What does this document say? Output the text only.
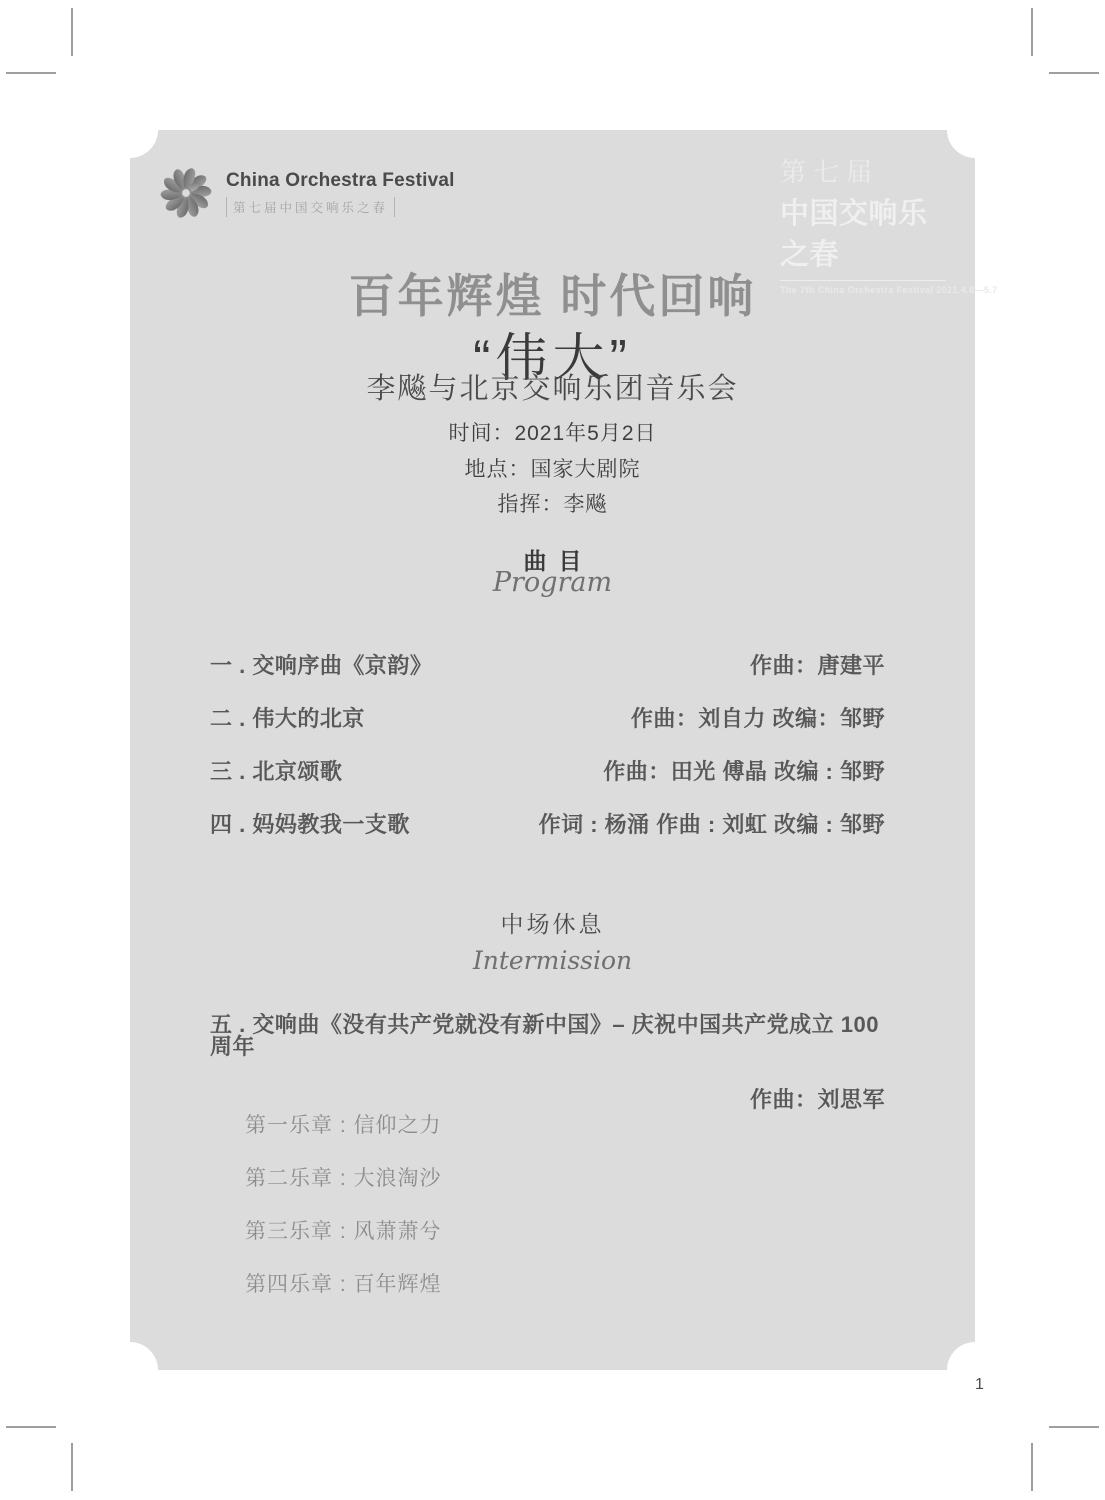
China Orchestra Festival
第七届中国交响乐之春
第七届
中国交响乐之春
The 7th China Orchestra Festival 2021.4.8—5.7
百年辉煌 时代回响
“伟大”
李飚与北京交响乐团音乐会
时间：2021年5月2日
地点：国家大剧院
指挥：李飚
曲目
Program
一 . 交响序曲《京韵》	作曲：唐建平
二 . 伟大的北京	作曲：刘自力 改编：邹野
三 . 北京颂歌	作曲：田光 傅晶 改编 : 邹野
四 . 妈妈教我一支歌	作词 : 杨涌 作曲 : 刘虹 改编 : 邹野
中场休息
Intermission
五 . 交响曲《没有共产党就没有新中国》– 庆祝中国共产党成立 100 周年
作曲：刘思军
第一乐章 : 信仰之力
第二乐章 : 大浪淘沙
第三乐章 : 风萧萧兮
第四乐章 : 百年辉煌
1
